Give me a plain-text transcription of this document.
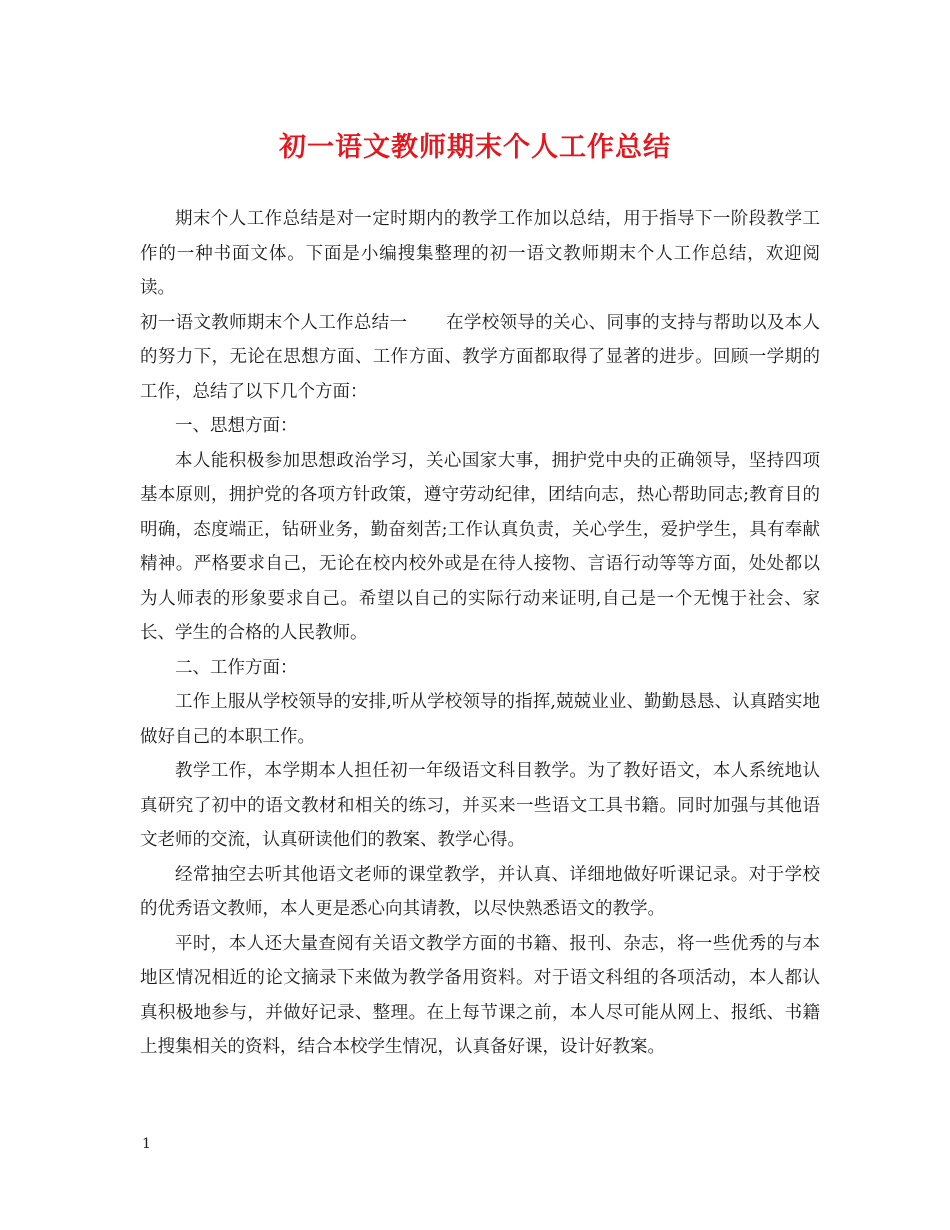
初一语文教师期末个人工作总结

期末个人工作总结是对一定时期内的教学工作加以总结，用于指导下一阶段教学工作的一种书面文体。下面是小编搜集整理的初一语文教师期末个人工作总结，欢迎阅读。

初一语文教师期末个人工作总结一 在学校领导的关心、同事的支持与帮助以及本人的努力下，无论在思想方面、工作方面、教学方面都取得了显著的进步。回顾一学期的工作，总结了以下几个方面：

一、思想方面：

本人能积极参加思想政治学习，关心国家大事，拥护党中央的正确领导，坚持四项基本原则，拥护党的各项方针政策，遵守劳动纪律，团结向志，热心帮助同志;教育目的明确，态度端正，钻研业务，勤奋刻苦;工作认真负责，关心学生，爱护学生，具有奉献精神。严格要求自己，无论在校内校外或是在待人接物、言语行动等等方面，处处都以为人师表的形象要求自己。希望以自己的实际行动来证明,自己是一个无愧于社会、家长、学生的合格的人民教师。

二、工作方面：

工作上服从学校领导的安排,听从学校领导的指挥,兢兢业业、勤勤恳恳、认真踏实地做好自己的本职工作。

教学工作，本学期本人担任初一年级语文科目教学。为了教好语文，本人系统地认真研究了初中的语文教材和相关的练习，并买来一些语文工具书籍。同时加强与其他语文老师的交流，认真研读他们的教案、教学心得。

经常抽空去听其他语文老师的课堂教学，并认真、详细地做好听课记录。对于学校的优秀语文教师，本人更是悉心向其请教，以尽快熟悉语文的教学。

平时，本人还大量查阅有关语文教学方面的书籍、报刊、杂志，将一些优秀的与本地区情况相近的论文摘录下来做为教学备用资料。对于语文科组的各项活动，本人都认真积极地参与，并做好记录、整理。在上每节课之前，本人尽可能从网上、报纸、书籍上搜集相关的资料，结合本校学生情况，认真备好课，设计好教案。

1
